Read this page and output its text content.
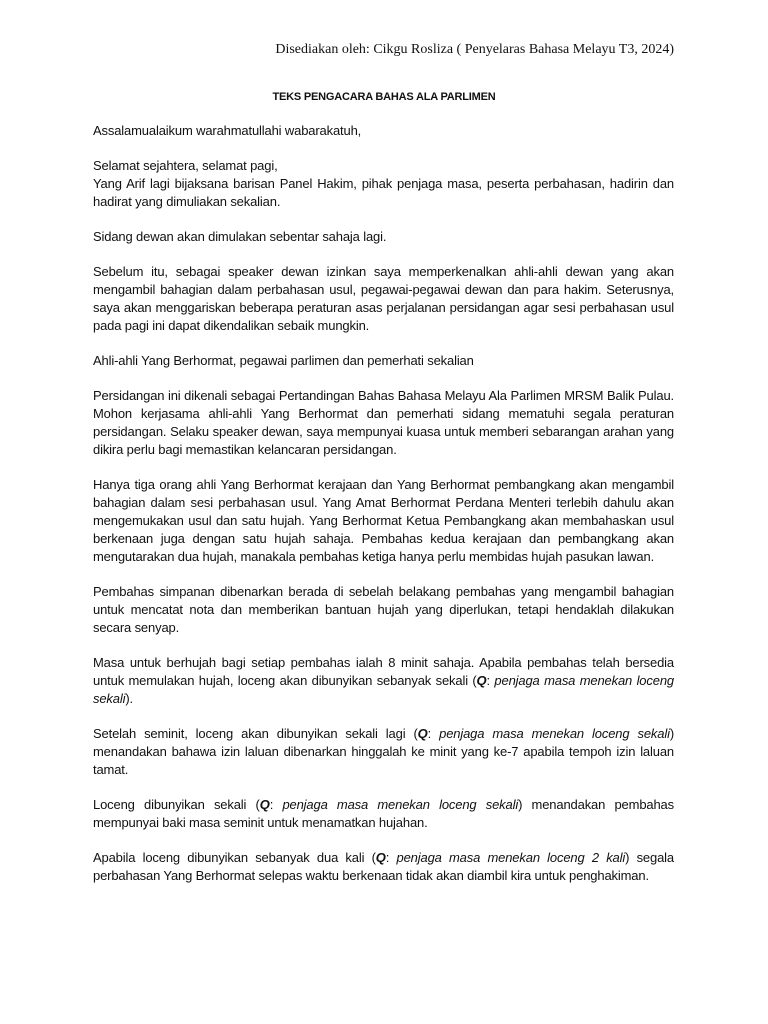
Disediakan oleh: Cikgu Rosliza ( Penyelaras Bahasa Melayu T3, 2024)
TEKS PENGACARA BAHAS ALA PARLIMEN

Assalamualaikum warahmatullahi wabarakatuh,

Selamat sejahtera, selamat pagi,
Yang Arif lagi bijaksana barisan Panel Hakim, pihak penjaga masa, peserta perbahasan, hadirin dan hadirat yang dimuliakan sekalian.

Sidang dewan akan dimulakan sebentar sahaja lagi.

Sebelum itu, sebagai speaker dewan izinkan saya memperkenalkan ahli-ahli dewan yang akan mengambil bahagian dalam perbahasan usul, pegawai-pegawai dewan dan para hakim. Seterusnya, saya akan menggariskan beberapa peraturan asas perjalanan persidangan agar sesi perbahasan usul pada pagi ini dapat dikendalikan sebaik mungkin.

Ahli-ahli Yang Berhormat, pegawai parlimen dan pemerhati sekalian

Persidangan ini dikenali sebagai Pertandingan Bahas Bahasa Melayu Ala Parlimen MRSM Balik Pulau. Mohon kerjasama ahli-ahli Yang Berhormat dan pemerhati sidang mematuhi segala peraturan persidangan. Selaku speaker dewan, saya mempunyai kuasa untuk memberi sebarangan arahan yang dikira perlu bagi memastikan kelancaran persidangan.

Hanya tiga orang ahli Yang Berhormat kerajaan dan Yang Berhormat pembangkang akan mengambil bahagian dalam sesi perbahasan usul. Yang Amat Berhormat Perdana Menteri terlebih dahulu akan mengemukakan usul dan satu hujah. Yang Berhormat Ketua Pembangkang akan membahaskan usul berkenaan juga dengan satu hujah sahaja. Pembahas kedua kerajaan dan pembangkang akan mengutarakan dua hujah, manakala pembahas ketiga hanya perlu membidas hujah pasukan lawan.

Pembahas simpanan dibenarkan berada di sebelah belakang pembahas yang mengambil bahagian untuk mencatat nota dan memberikan bantuan hujah yang diperlukan, tetapi hendaklah dilakukan secara senyap.

Masa untuk berhujah bagi setiap pembahas ialah 8 minit sahaja. Apabila pembahas telah bersedia untuk memulakan hujah, loceng akan dibunyikan sebanyak sekali (Q: penjaga masa menekan loceng sekali).

Setelah seminit, loceng akan dibunyikan sekali lagi (Q: penjaga masa menekan loceng sekali) menandakan bahawa izin laluan dibenarkan hinggalah ke minit yang ke-7 apabila tempoh izin laluan tamat.

Loceng dibunyikan sekali (Q: penjaga masa menekan loceng sekali) menandakan pembahas mempunyai baki masa seminit untuk menamatkan hujahan.

Apabila loceng dibunyikan sebanyak dua kali (Q: penjaga masa menekan loceng 2 kali) segala perbahasan Yang Berhormat selepas waktu berkenaan tidak akan diambil kira untuk penghakiman.
